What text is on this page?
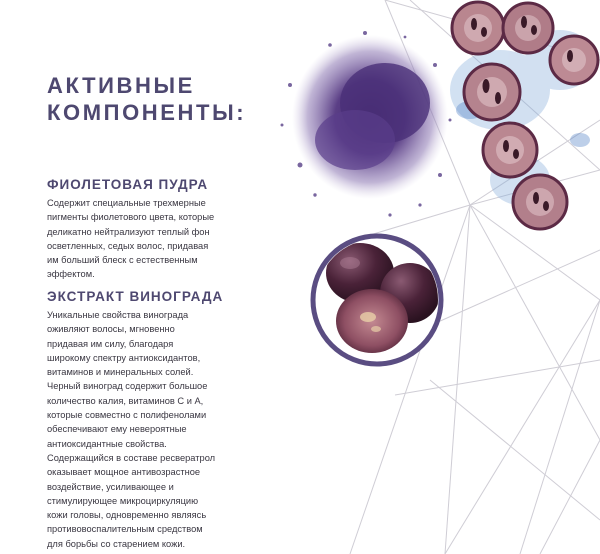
АКТИВНЫЕ
КОМПОНЕНТЫ:
ФИОЛЕТОВАЯ ПУДРА

Содержит специальные трехмерные
пигменты фиолетового цвета, которые
деликатно нейтрализуют теплый фон
осветленных, седых волос, придавая
им больший блеск с естественным
эффектом.

ЭКСТРАКТ ВИНОГРАДА

Уникальные свойства винограда
оживляют волосы, мгновенно
придавая им силу, благодаря
широкому спектру антиоксидантов,
витаминов и минеральных солей.
Черный виноград содержит большое
количество калия, витаминов С и А,
которые совместно с полифенолами
обеспечивают ему невероятные
антиоксидантные свойства.
Содержащийся в составе ресвератрол
оказывает мощное антивозрастное
воздействие, усиливающее и
стимулирующее микроциркуляцию
кожи головы, одновременно являясь
противовоспалительным средством
для борьбы со старением кожи.
